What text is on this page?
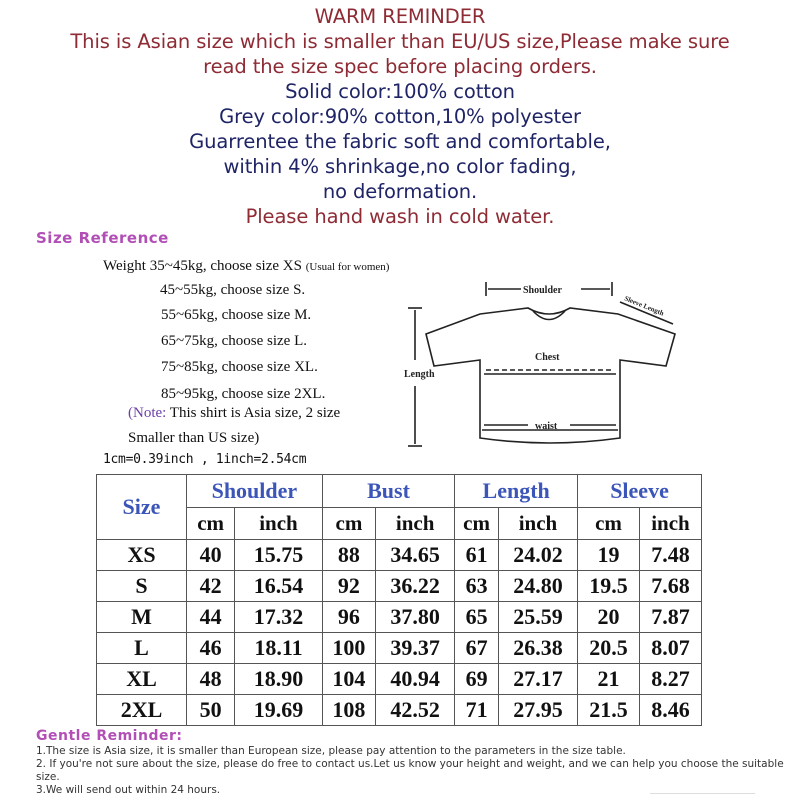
WARM REMINDER
This is Asian size which is smaller than EU/US size,Please make sure
read the size spec before placing orders.
Solid color:100% cotton
Grey color:90% cotton,10% polyester
Guarrentee the fabric soft and comfortable,
within 4% shrinkage,no color fading,
no deformation.
Please hand wash in cold water.
Size Reference
Weight 35~45kg, choose size XS (Usual for women)
45~55kg, choose size S.
55~65kg, choose size M.
65~75kg, choose size L.
75~85kg, choose size XL.
85~95kg, choose size 2XL.
(Note: This shirt is Asia size, 2 size
Smaller than US size)
1cm=0.39inch , 1inch=2.54cm
Shoulder
Sleeve Length
Chest
Length
waist
Size	Shoulder		Bust		Length		Sleeve	
	cm	inch	cm	inch	cm	inch	cm	inch
XS	40	15.75	88	34.65	61	24.02	19	7.48
S	42	16.54	92	36.22	63	24.80	19.5	7.68
M	44	17.32	96	37.80	65	25.59	20	7.87
L	46	18.11	100	39.37	67	26.38	20.5	8.07
XL	48	18.90	104	40.94	69	27.17	21	8.27
2XL	50	19.69	108	42.52	71	27.95	21.5	8.46
Gentle Reminder:
1.The size is Asia size, it is smaller than European size, please pay attention to the parameters in the size table.
2. If you're not sure about the size, please do free to contact us.Let us know your height and weight, and we can help you choose the suitable size.
3.We will send out within 24 hours.
